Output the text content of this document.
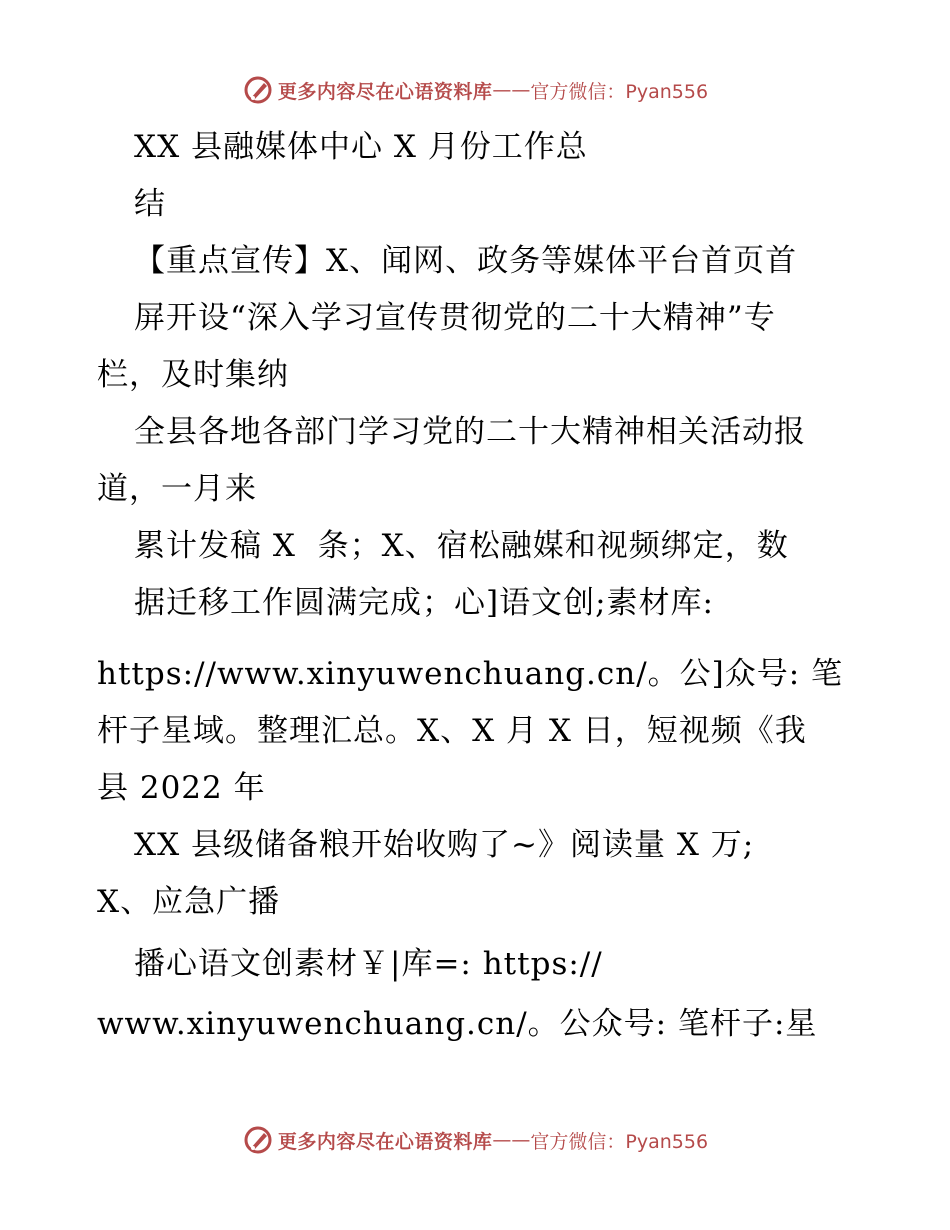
更多内容尽在心语资料库 —— 官方微信：Pyan556
XX 县融媒体中心 X 月份工作总
结
【重点宣传】X、闻网、政务等媒体平台首页首
屏开设“深入学习宣传贯彻党的二十大精神”专
栏，及时集纳
全县各地各部门学习党的二十大精神相关活动报
道，一月来
累计发稿 X  条；X、宿松融媒和视频绑定，数
据迁移工作圆满完成；心]语文创;素材库:
https://www.xinyuwenchuang.cn/。公]众号: 笔
杆子星域。整理汇总。X、X 月 X 日，短视频《我
县 2022 年
XX 县级储备粮开始收购了~》阅读量 X 万;
X、应急广播
播心语文创素材￥|库=: https://
www.xinyuwenchuang.cn/。公众号: 笔杆子:星
更多内容尽在心语资料库 —— 官方微信：Pyan556
